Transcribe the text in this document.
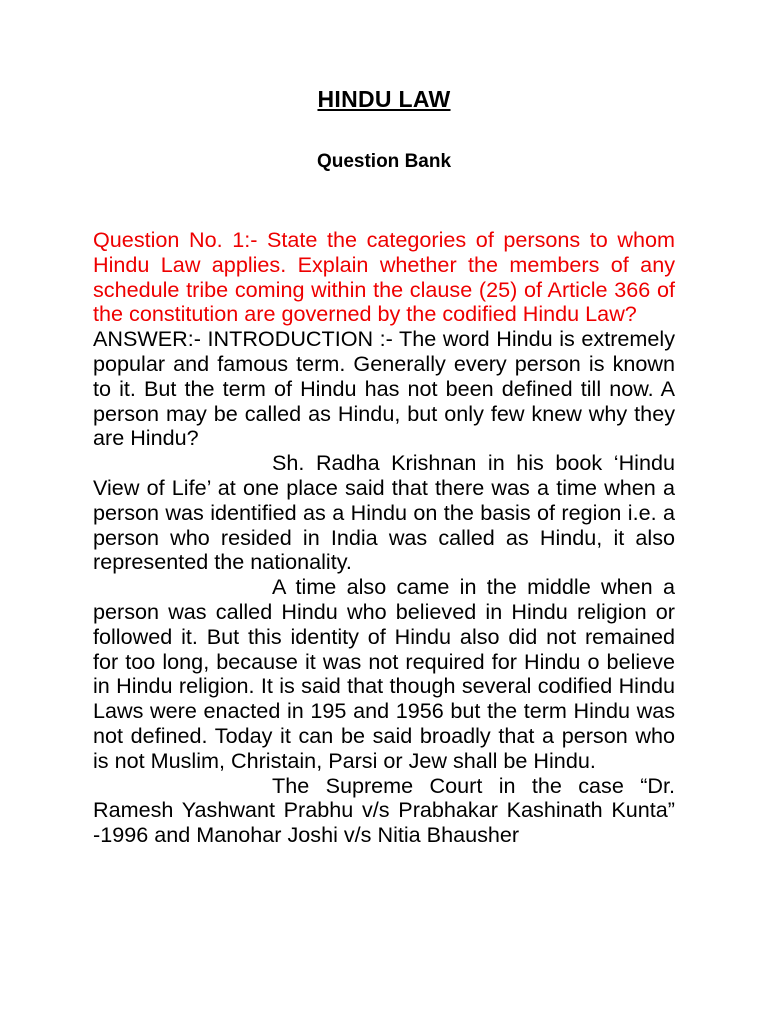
HINDU LAW
Question Bank

Question No. 1:- State the categories of persons to whom Hindu Law applies. Explain whether the members of any schedule tribe coming within the clause (25) of Article 366 of the constitution are governed by the codified Hindu Law?

ANSWER:- INTRODUCTION :- The word Hindu is extremely popular and famous term. Generally every person is known to it. But the term of Hindu has not been defined till now. A person may be called as Hindu, but only few knew why they are Hindu?

Sh. Radha Krishnan in his book ‘Hindu View of Life’ at one place said that there was a time when a person was identified as a Hindu on the basis of region i.e. a person who resided in India was called as Hindu, it also represented the nationality.

A time also came in the middle when a person was called Hindu who believed in Hindu religion or followed it. But this identity of Hindu also did not remained for too long, because it was not required for Hindu o believe in Hindu religion. It is said that though several codified Hindu Laws were enacted in 195 and 1956 but the term Hindu was not defined. Today it can be said broadly that a person who is not Muslim, Christain, Parsi or Jew shall be Hindu.

The Supreme Court in the case “Dr. Ramesh Yashwant Prabhu v/s Prabhakar Kashinath Kunta” -1996 and Manohar Joshi v/s Nitia Bhausher
